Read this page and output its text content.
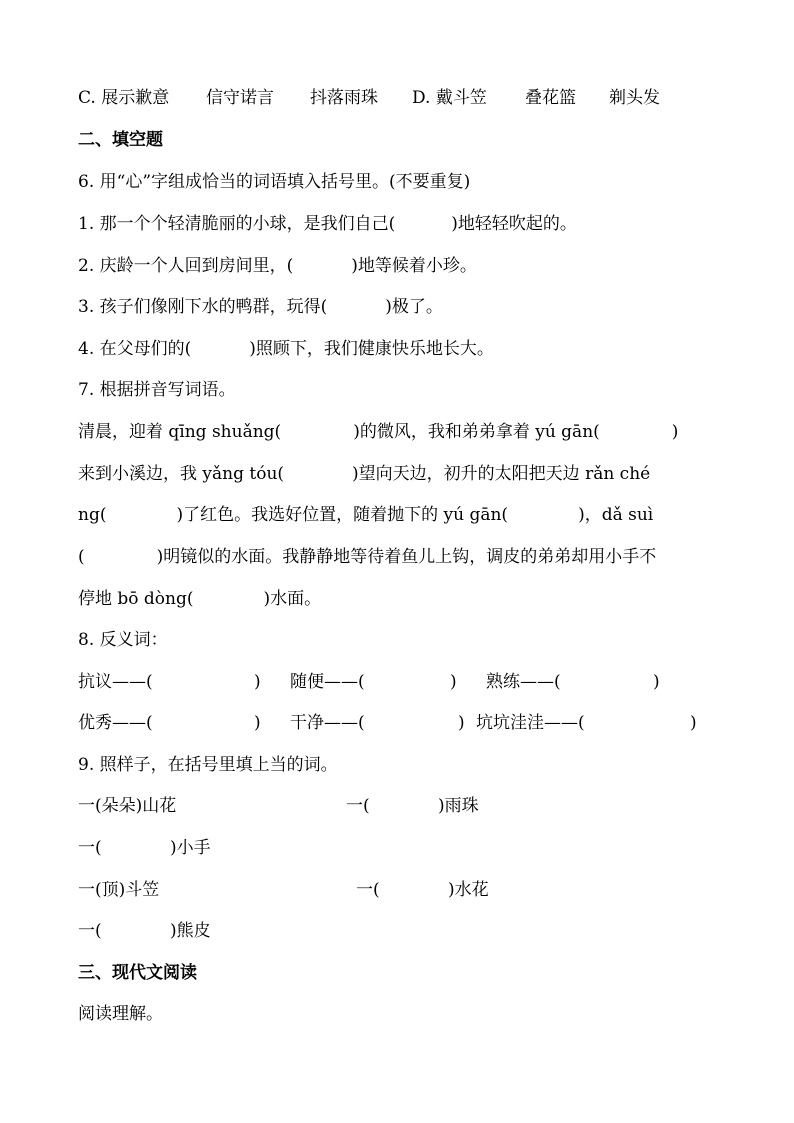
C. 展示歉意 信守诺言 抖落雨珠 D. 戴斗笠 叠花篮 剃头发
二、填空题
6. 用“心”字组成恰当的词语填入括号里。(不要重复)
1. 那一个个轻清脆丽的小球，是我们自己(	)地轻轻吹起的。
2. 庆龄一个人回到房间里，(	)地等候着小珍。
3. 孩子们像刚下水的鸭群，玩得(	)极了。
4. 在父母们的(	)照顾下，我们健康快乐地长大。
7. 根据拼音写词语。
清晨，迎着 qīng shuǎng(	)的微风，我和弟弟拿着 yú gān(	)
来到小溪边，我 yǎng tóu(	)望向天边，初升的太阳把天边 rǎn ché
ng(	)了红色。我选好位置，随着抛下的 yú gān(	)，dǎ suì
(	)明镜似的水面。我静静地等待着鱼儿上钩，调皮的弟弟却用小手不
停地 bō dòng(	)水面。
8. 反义词：
抗议——(	) 随便——(	) 熟练——(	)
优秀——(	) 干净——(	) 坑坑洼洼——(	)
9. 照样子，在括号里填上当的词。
一(朵朵)山花	一(	)雨珠
一(	)小手
一(顶)斗笠	一(	)水花
一(	)熊皮
三、现代文阅读
阅读理解。
